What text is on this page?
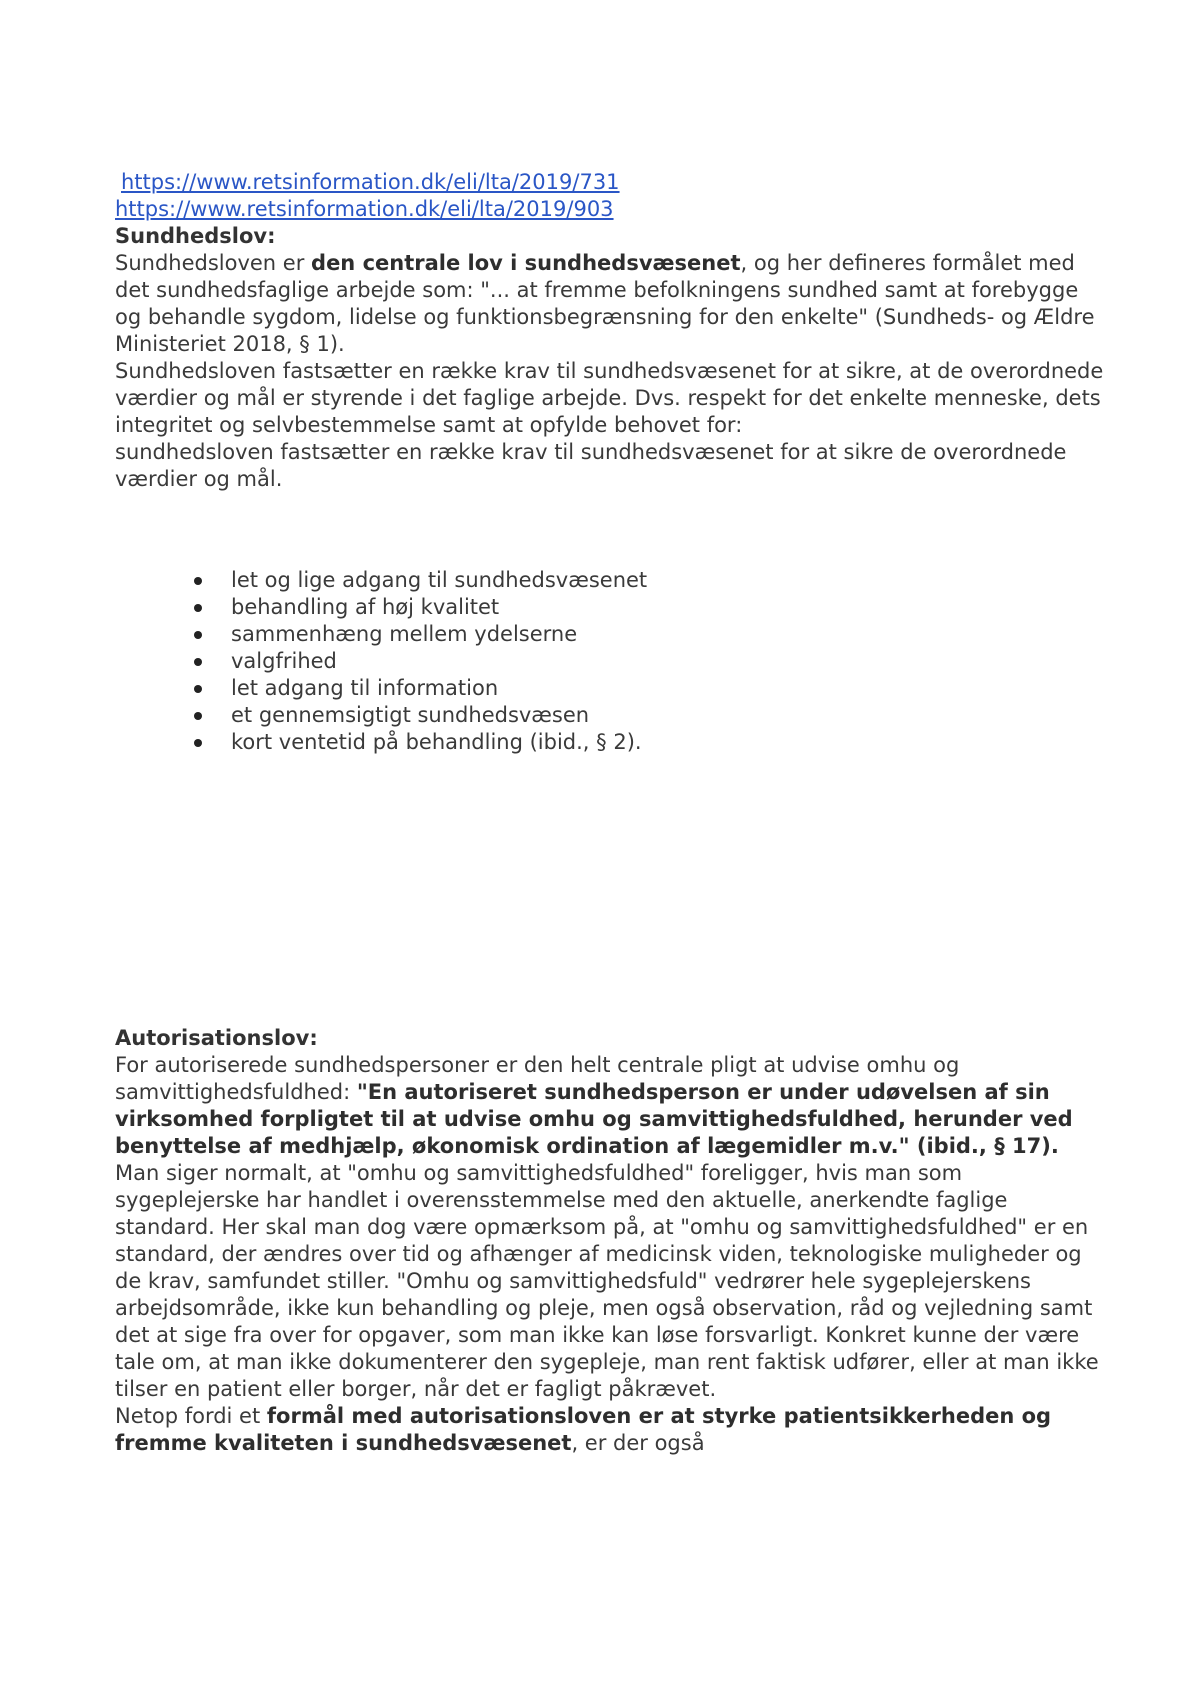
https://www.retsinformation.dk/eli/lta/2019/731
https://www.retsinformation.dk/eli/lta/2019/903
Sundhedslov:

Sundhedsloven er den centrale lov i sundhedsvæsenet, og her defineres formålet med det sundhedsfaglige arbejde som: "... at fremme befolkningens sundhed samt at forebygge og behandle sygdom, lidelse og funktionsbegrænsning for den enkelte" (Sundheds- og Ældre Ministeriet 2018, § 1).

Sundhedsloven fastsætter en række krav til sundhedsvæsenet for at sikre, at de overordnede værdier og mål er styrende i det faglige arbejde. Dvs. respekt for det enkelte menneske, dets integritet og selvbestemmelse samt at opfylde behovet for:

sundhedsloven fastsætter en række krav til sundhedsvæsenet for at sikre de overordnede værdier og mål.

let og lige adgang til sundhedsvæsenet
behandling af høj kvalitet
sammenhæng mellem ydelserne
valgfrihed
let adgang til information
et gennemsigtigt sundhedsvæsen
kort ventetid på behandling (ibid., § 2).
Autorisationslov:

For autoriserede sundhedspersoner er den helt centrale pligt at udvise omhu og samvittighedsfuldhed: "En autoriseret sundhedsperson er under udøvelsen af sin virksomhed forpligtet til at udvise omhu og samvittighedsfuldhed, herunder ved benyttelse af medhjælp, økonomisk ordination af lægemidler m.v." (ibid., § 17).

Man siger normalt, at "omhu og samvittighedsfuldhed" foreligger, hvis man som sygeplejerske har handlet i overensstemmelse med den aktuelle, anerkendte faglige standard. Her skal man dog være opmærksom på, at "omhu og samvittighedsfuldhed" er en standard, der ændres over tid og afhænger af medicinsk viden, teknologiske muligheder og de krav, samfundet stiller. "Omhu og samvittighedsfuld" vedrører hele sygeplejerskens arbejdsområde, ikke kun behandling og pleje, men også observation, råd og vejledning samt det at sige fra over for opgaver, som man ikke kan løse forsvarligt. Konkret kunne der være tale om, at man ikke dokumenterer den sygepleje, man rent faktisk udfører, eller at man ikke tilser en patient eller borger, når det er fagligt påkrævet.

Netop fordi et formål med autorisationsloven er at styrke patientsikkerheden og fremme kvaliteten i sundhedsvæsenet, er der også
